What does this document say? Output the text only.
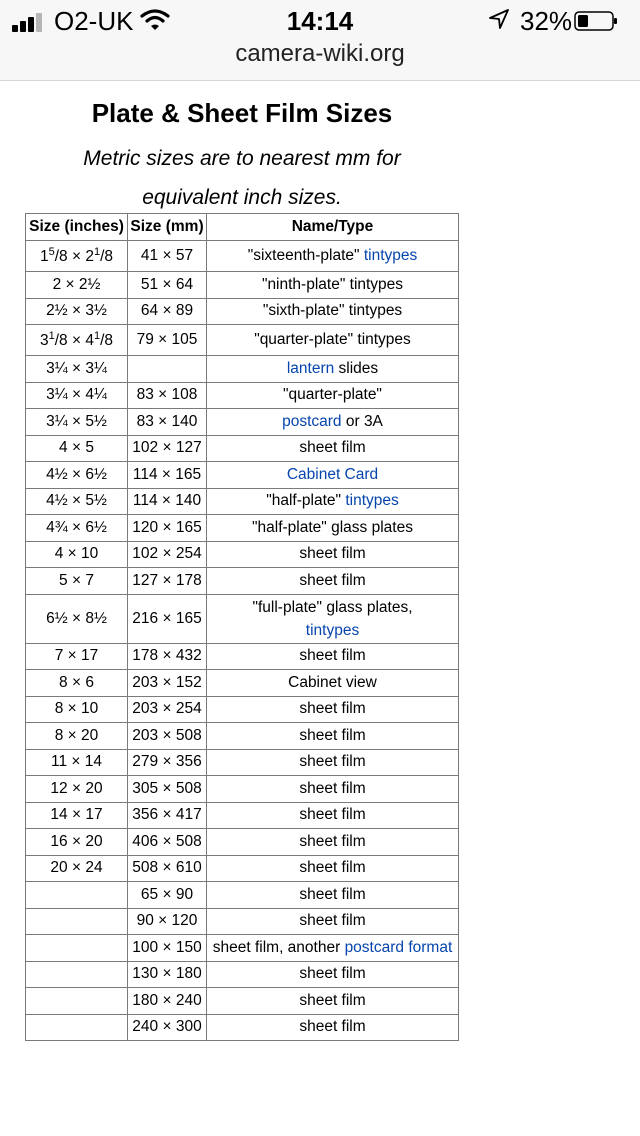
O2-UK	14:14	32%
camera-wiki.org
Plate & Sheet Film Sizes
Metric sizes are to nearest mm for
equivalent inch sizes.
Size (inches)	Size (mm)	Name/Type
$1^5/8 \times 2^1/8$	41 × 57	"sixteenth-plate" tintypes
2 × 2½	51 × 64	"ninth-plate" tintypes
2½ × 3½	64 × 89	"sixth-plate" tintypes
$3^1/8 \times 4^1/8$	79 × 105	"quarter-plate" tintypes
3¼ × 3¼		lantern slides
3¼ × 4¼	83 × 108	"quarter-plate"
3¼ × 5½	83 × 140	postcard or 3A
4 × 5	102 × 127	sheet film
4½ × 6½	114 × 165	Cabinet Card
4½ × 5½	114 × 140	"half-plate" tintypes
4¾ × 6½	120 × 165	"half-plate" glass plates
4 × 10	102 × 254	sheet film
5 × 7	127 × 178	sheet film
6½ × 8½	216 × 165	"full-plate" glass plates,
tintypes
7 × 17	178 × 432	sheet film
8 × 6	203 × 152	Cabinet view
8 × 10	203 × 254	sheet film
8 × 20	203 × 508	sheet film
11 × 14	279 × 356	sheet film
12 × 20	305 × 508	sheet film
14 × 17	356 × 417	sheet film
16 × 20	406 × 508	sheet film
20 × 24	508 × 610	sheet film
	65 × 90	sheet film
	90 × 120	sheet film
	100 × 150	sheet film, another postcard format
	130 × 180	sheet film
	180 × 240	sheet film
	240 × 300	sheet film
